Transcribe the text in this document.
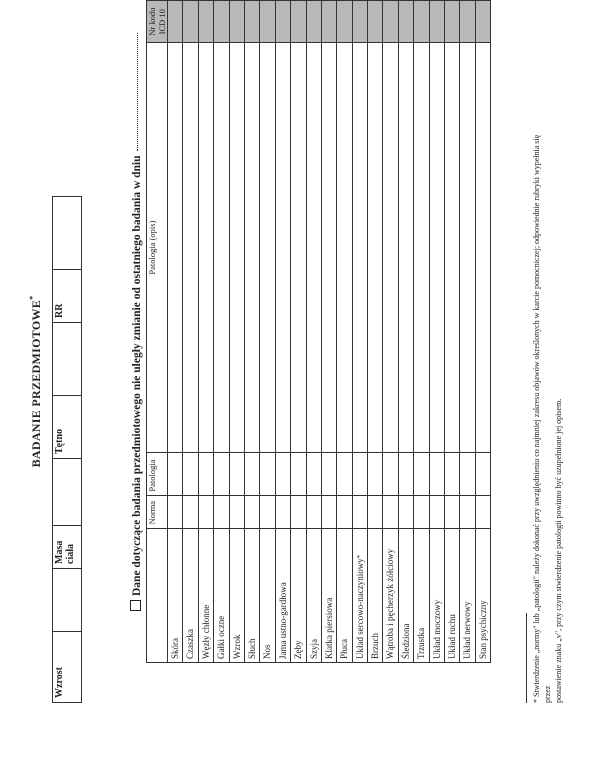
BADANIE PRZEDMIOTOWE*
Wzrost		Masa ciała		Tętno		RR		Dane dotyczące badania przedmiotowego nie uległy zmianie od ostatniego badania w dniu
	Norma	Patologia	Patologia (opis)	Nr kodu ICD 10
Skóra				
Czaszka				
Węzły chłonne				
Gałki oczne				
Wzrok				
Słuch				
Nos				
Jama ustno-gardłowa				
Zęby				
Szyja				
Klatka piersiowa				
Płuca				
Układ sercowo-naczyniowy*				
Brzuch				
Wątroba i pęcherzyk żółciowy				
Śledziona				
Trzustka				
Układ moczowy				
Układ ruchu				
Układ nerwowy				
Stan psychiczny					* Stwierdzenie „normy" lub „patologii" należy dokonać przy uwzględnieniu co najmniej zakresu objawów określonych w karcie pomocniczej; odpowiednie rubryki wypełnia się przez postawienie znaku „v", przy czym stwierdzenie patologii powinno być uzupełnione jej opisem.
